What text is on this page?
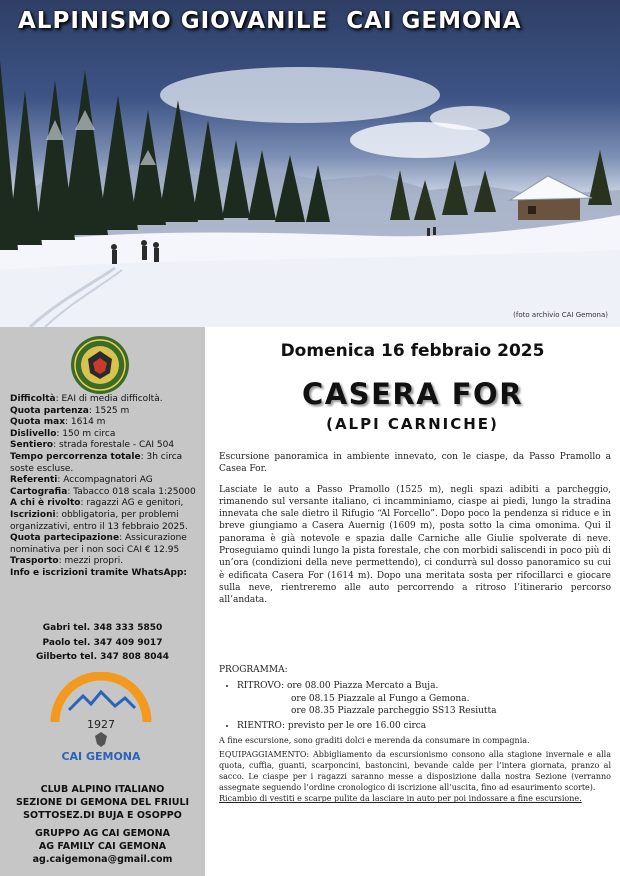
ALPINISMO GIOVANILE  CAI GEMONA
(foto archivio CAI Gemona)
Difficoltà: EAI di media difficoltà.
Quota partenza: 1525 m
Quota max: 1614 m
Dislivello: 150 m circa
Sentiero: strada forestale - CAI 504
Tempo percorrenza totale: 3h circa soste escluse.
Referenti: Accompagnatori AG
Cartografia: Tabacco 018 scala 1:25000
A chi è rivolto: ragazzi AG e genitori,
Iscrizioni: obbligatoria, per problemi organizzativi, entro il 13 febbraio 2025.
Quota partecipazione: Assicurazione nominativa per i non soci CAI € 12.95
Trasporto: mezzi propri.
Info e iscrizioni tramite WhatsApp:
Gabri tel. 348 333 5850
Paolo tel. 347 409 9017
Gilberto tel. 347 808 8044
1927
CAI GEMONA
CLUB ALPINO ITALIANO
SEZIONE DI GEMONA DEL FRIULI
SOTTOSEZ.DI BUJA E OSOPPO
GRUPPO AG CAI GEMONA
AG FAMILY CAI GEMONA
ag.caigemona@gmail.com
Domenica 16 febbraio 2025
CASERA FOR
(ALPI CARNICHE)

Escursione panoramica in ambiente innevato, con le ciaspe, da Passo Pramollo a Casea For.

Lasciate le auto a Passo Pramollo (1525 m), negli spazi adibiti a parcheggio, rimanendo sul versante italiano, ci incamminiamo, ciaspe ai piedi, lungo la stradina innevata che sale dietro il Rifugio “Al Forcello”. Dopo poco la pendenza si riduce e in breve giungiamo a Casera Auernig (1609 m), posta sotto la cima omonima. Qui il panorama è già notevole e spazia dalle Carniche alle Giulie spolverate di neve. Proseguiamo quindi lungo la pista forestale, che con morbidi saliscendi in poco più di un’ora (condizioni della neve permettendo), ci condurrà sul dosso panoramico su cui è edificata Casera For (1614 m). Dopo una meritata sosta per rifocillarci e giocare sulla neve, rientreremo alle auto percorrendo a ritroso l’itinerario percorso all’andata.

PROGRAMMA:
• RITROVO: ore 08.00 Piazza Mercato a Buja.
ore 08.15 Piazzale al Fungo a Gemona.
ore 08.35 Piazzale parcheggio SS13 Resiutta
• RIENTRO: previsto per le ore 16.00 circa
A fine escursione, sono graditi dolci e merenda da consumare in compagnia.
EQUIPAGGIAMENTO: Abbigliamento da escursionismo consono alla stagione invernale e alla quota, cuffia, guanti, scarponcini, bastoncini, bevande calde per l’intera giornata, pranzo al sacco. Le ciaspe per i ragazzi saranno messe a disposizione dalla nostra Sezione (verranno assegnate seguendo l’ordine cronologico di iscrizione all’uscita, fino ad esaurimento scorte).
Ricambio di vestiti e scarpe pulite da lasciare in auto per poi indossare a fine escursione.
